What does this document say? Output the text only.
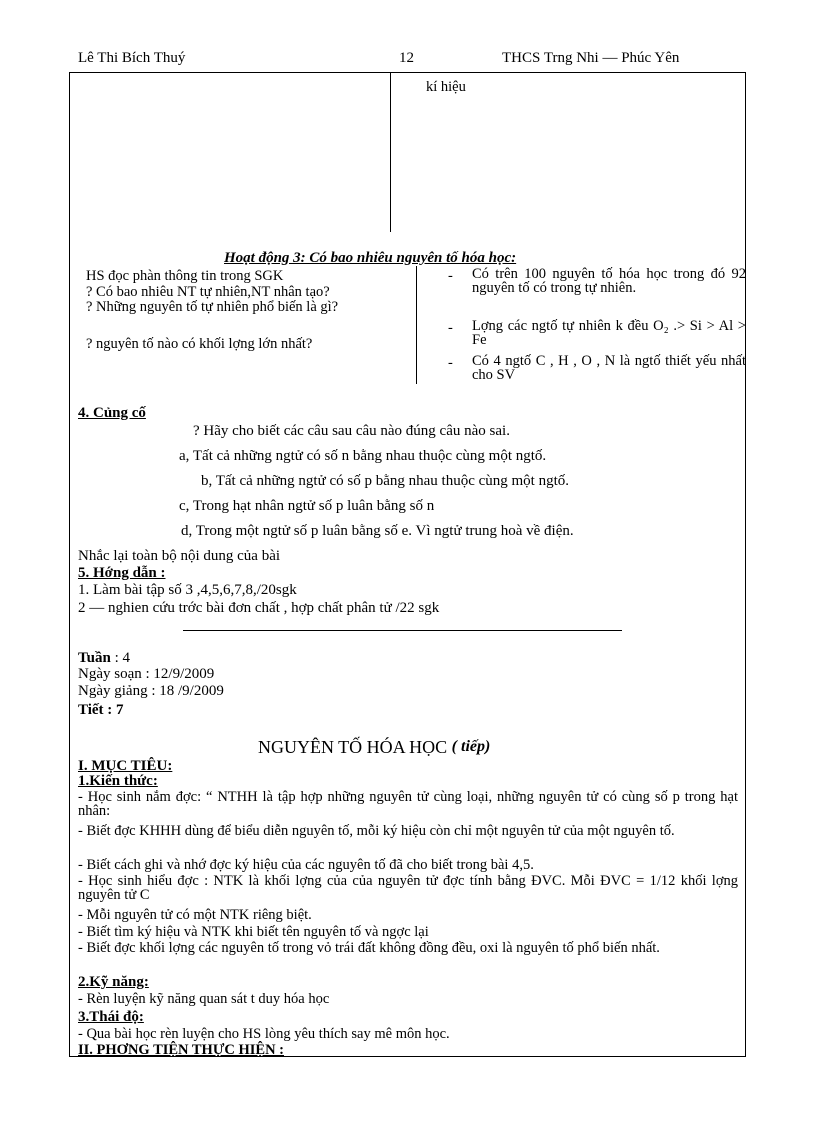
Lê Thi Bích Thuý	12	THCS Trng Nhi — Phúc Yên
kí hiệu
Hoạt động 3: Có bao nhiêu nguyên tố hóa học:
HS đọc phàn thông tin trong SGK
? Có bao nhiêu NT tự nhiên,NT nhân tạo?
? Những nguyên tố tự nhiên phổ biến là gì?
? nguyên tố nào có khối lợng lớn nhất?
- Có trên 100 nguyên tố hóa học trong đó 92 nguyên tố có trong tự nhiên.
- Lợng các ngtố tự nhiên k đều O₂ .> Si > Al > Fe
- Có 4 ngtố C , H , O , N là ngtố thiết yếu nhất cho SV
4. Củng cố
? Hãy cho biết các câu sau câu nào đúng câu nào sai.
a, Tất cả những ngtử có số n bằng nhau thuộc cùng một ngtố.
b, Tất cả những ngtử có số p bằng nhau thuộc cùng một ngtố.
c, Trong hạt nhân ngtử số p luân bằng số n
d, Trong một ngtử số p luân bằng số e. Vì ngtử trung hoà về điện.
Nhắc lại toàn bộ nội dung của bài
5. Hớng dẫn :
1. Làm bài tập số 3 ,4,5,6,7,8,/20sgk
2 — nghien cứu trớc bài đơn chất , hợp chất phân tử /22 sgk
Tuần : 4
Ngày soạn : 12/9/2009
Ngày giảng : 18 /9/2009
Tiết : 7
NGUYÊN TỐ HÓA HỌC ( tiếp)
I. MỤC TIÊU:
1.Kiến thức:
- Học sinh nắm đợc: “ NTHH là tập hợp những nguyên tử cùng loại, những nguyên tử có cùng số p trong hạt nhân:
- Biết đợc KHHH dùng để biểu diễn nguyên tố, mỗi ký hiệu còn chỉ một nguyên tử của một nguyên tố.
- Biết cách ghi và nhớ đợc ký hiệu của các nguyên tố đã cho biết trong bài 4,5.
- Học sinh hiểu đợc : NTK là khối lợng của của nguyên tử đợc tính bằng ĐVC. Mỗi ĐVC = 1/12 khối lợng nguyên tử C
- Mỗi nguyên tử có một NTK riêng biệt.
- Biết tìm ký hiệu và NTK khi biết tên nguyên tố và ngợc lại
- Biết đợc khối lợng các nguyên tố trong vỏ trái đất không đồng đều, oxi là nguyên tố phổ biến nhất.
2.Kỹ năng:
- Rèn luyện kỹ năng quan sát t duy hóa học
3.Thái độ:
- Qua bài học rèn luyện cho HS lòng yêu thích say mê môn học.
II. PHƠNG TIỆN THỰC HIỆN :
